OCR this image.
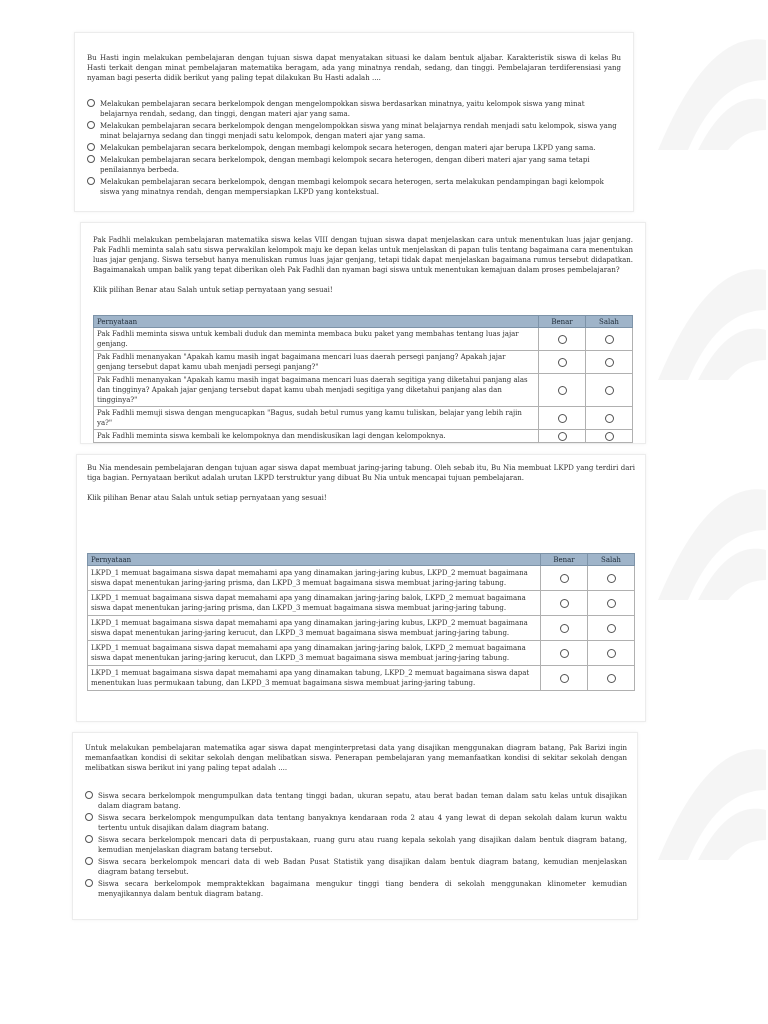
Bu Hasti ingin melakukan pembelajaran dengan tujuan siswa dapat menyatakan situasi ke dalam bentuk aljabar. Karakteristik siswa di kelas Bu Hasti terkait dengan minat pembelajaran matematika beragam, ada yang minatnya rendah, sedang, dan tinggi. Pembelajaran terdiferensiasi yang nyaman bagi peserta didik berikut yang paling tepat dilakukan Bu Hasti adalah ....

Melakukan pembelajaran secara berkelompok dengan mengelompokkan siswa berdasarkan minatnya, yaitu kelompok siswa yang minat belajarnya rendah, sedang, dan tinggi, dengan materi ajar yang sama.
Melakukan pembelajaran secara berkelompok dengan mengelompokkan siswa yang minat belajarnya rendah menjadi satu kelompok, siswa yang minat belajarnya sedang dan tinggi menjadi satu kelompok, dengan materi ajar yang sama.
Melakukan pembelajaran secara berkelompok, dengan membagi kelompok secara heterogen, dengan materi ajar berupa LKPD yang sama.
Melakukan pembelajaran secara berkelompok, dengan membagi kelompok secara heterogen, dengan diberi materi ajar yang sama tetapi penilaiannya berbeda.
Melakukan pembelajaran secara berkelompok, dengan membagi kelompok secara heterogen, serta melakukan pendampingan bagi kelompok siswa yang minatnya rendah, dengan mempersiapkan LKPD yang kontekstual.

Pak Fadhli melakukan pembelajaran matematika siswa kelas VIII dengan tujuan siswa dapat menjelaskan cara untuk menentukan luas jajar genjang. Pak Fadhli meminta salah satu siswa perwakilan kelompok maju ke depan kelas untuk menjelaskan di papan tulis tentang bagaimana cara menentukan luas jajar genjang. Siswa tersebut hanya menuliskan rumus luas jajar genjang, tetapi tidak dapat menjelaskan bagaimana rumus tersebut didapatkan. Bagaimanakah umpan balik yang tepat diberikan oleh Pak Fadhli dan nyaman bagi siswa untuk menentukan kemajuan dalam proses pembelajaran?

Klik pilihan Benar atau Salah untuk setiap pernyataan yang sesuai!

Pernyataan	Benar	Salah
Pak Fadhli meminta siswa untuk kembali duduk dan meminta membaca buku paket yang membahas tentang luas jajar genjang.		
Pak Fadhli menanyakan "Apakah kamu masih ingat bagaimana mencari luas daerah persegi panjang? Apakah jajar genjang tersebut dapat kamu ubah menjadi persegi panjang?"		
Pak Fadhli menanyakan "Apakah kamu masih ingat bagaimana mencari luas daerah segitiga yang diketahui panjang alas dan tingginya? Apakah jajar genjang tersebut dapat kamu ubah menjadi segitiga yang diketahui panjang alas dan tingginya?"		
Pak Fadhli memuji siswa dengan mengucapkan "Bagus, sudah betul rumus yang kamu tuliskan, belajar yang lebih rajin ya?"		
Pak Fadhli meminta siswa kembali ke kelompoknya dan mendiskusikan lagi dengan kelompoknya.		

Bu Nia mendesain pembelajaran dengan tujuan agar siswa dapat membuat jaring-jaring tabung. Oleh sebab itu, Bu Nia membuat LKPD yang terdiri dari tiga bagian. Pernyataan berikut adalah urutan LKPD terstruktur yang dibuat Bu Nia untuk mencapai tujuan pembelajaran.

Klik pilihan Benar atau Salah untuk setiap pernyataan yang sesuai!

Pernyataan	Benar	Salah
LKPD_1 memuat bagaimana siswa dapat memahami apa yang dinamakan jaring-jaring kubus, LKPD_2 memuat bagaimana siswa dapat menentukan jaring-jaring prisma, dan LKPD_3 memuat bagaimana siswa membuat jaring-jaring tabung.		
LKPD_1 memuat bagaimana siswa dapat memahami apa yang dinamakan jaring-jaring balok, LKPD_2 memuat bagaimana siswa dapat menentukan jaring-jaring prisma, dan LKPD_3 memuat bagaimana siswa membuat jaring-jaring tabung.		
LKPD_1 memuat bagaimana siswa dapat memahami apa yang dinamakan jaring-jaring kubus, LKPD_2 memuat bagaimana siswa dapat menentukan jaring-jaring kerucut, dan LKPD_3 memuat bagaimana siswa membuat jaring-jaring tabung.		
LKPD_1 memuat bagaimana siswa dapat memahami apa yang dinamakan jaring-jaring balok, LKPD_2 memuat bagaimana siswa dapat menentukan jaring-jaring kerucut, dan LKPD_3 memuat bagaimana siswa membuat jaring-jaring tabung.		
LKPD_1 memuat bagaimana siswa dapat memahami apa yang dinamakan tabung, LKPD_2 memuat bagaimana siswa dapat menentukan luas permukaan tabung, dan LKPD_3 memuat bagaimana siswa membuat jaring-jaring tabung.		

Untuk melakukan pembelajaran matematika agar siswa dapat menginterpretasi data yang disajikan menggunakan diagram batang, Pak Barizi ingin memanfaatkan kondisi di sekitar sekolah dengan melibatkan siswa. Penerapan pembelajaran yang memanfaatkan kondisi di sekitar sekolah dengan melibatkan siswa berikut ini yang paling tepat adalah ....

Siswa secara berkelompok mengumpulkan data tentang tinggi badan, ukuran sepatu, atau berat badan teman dalam satu kelas untuk disajikan dalam diagram batang.
Siswa secara berkelompok mengumpulkan data tentang banyaknya kendaraan roda 2 atau 4 yang lewat di depan sekolah dalam kurun waktu tertentu untuk disajikan dalam diagram batang.
Siswa secara berkelompok mencari data di perpustakaan, ruang guru atau ruang kepala sekolah yang disajikan dalam bentuk diagram batang, kemudian menjelaskan diagram batang tersebut.
Siswa secara berkelompok mencari data di web Badan Pusat Statistik yang disajikan dalam bentuk diagram batang, kemudian menjelaskan diagram batang tersebut.
Siswa secara berkelompok mempraktekkan bagaimana mengukur tinggi tiang bendera di sekolah menggunakan klinometer kemudian menyajikannya dalam bentuk diagram batang.
